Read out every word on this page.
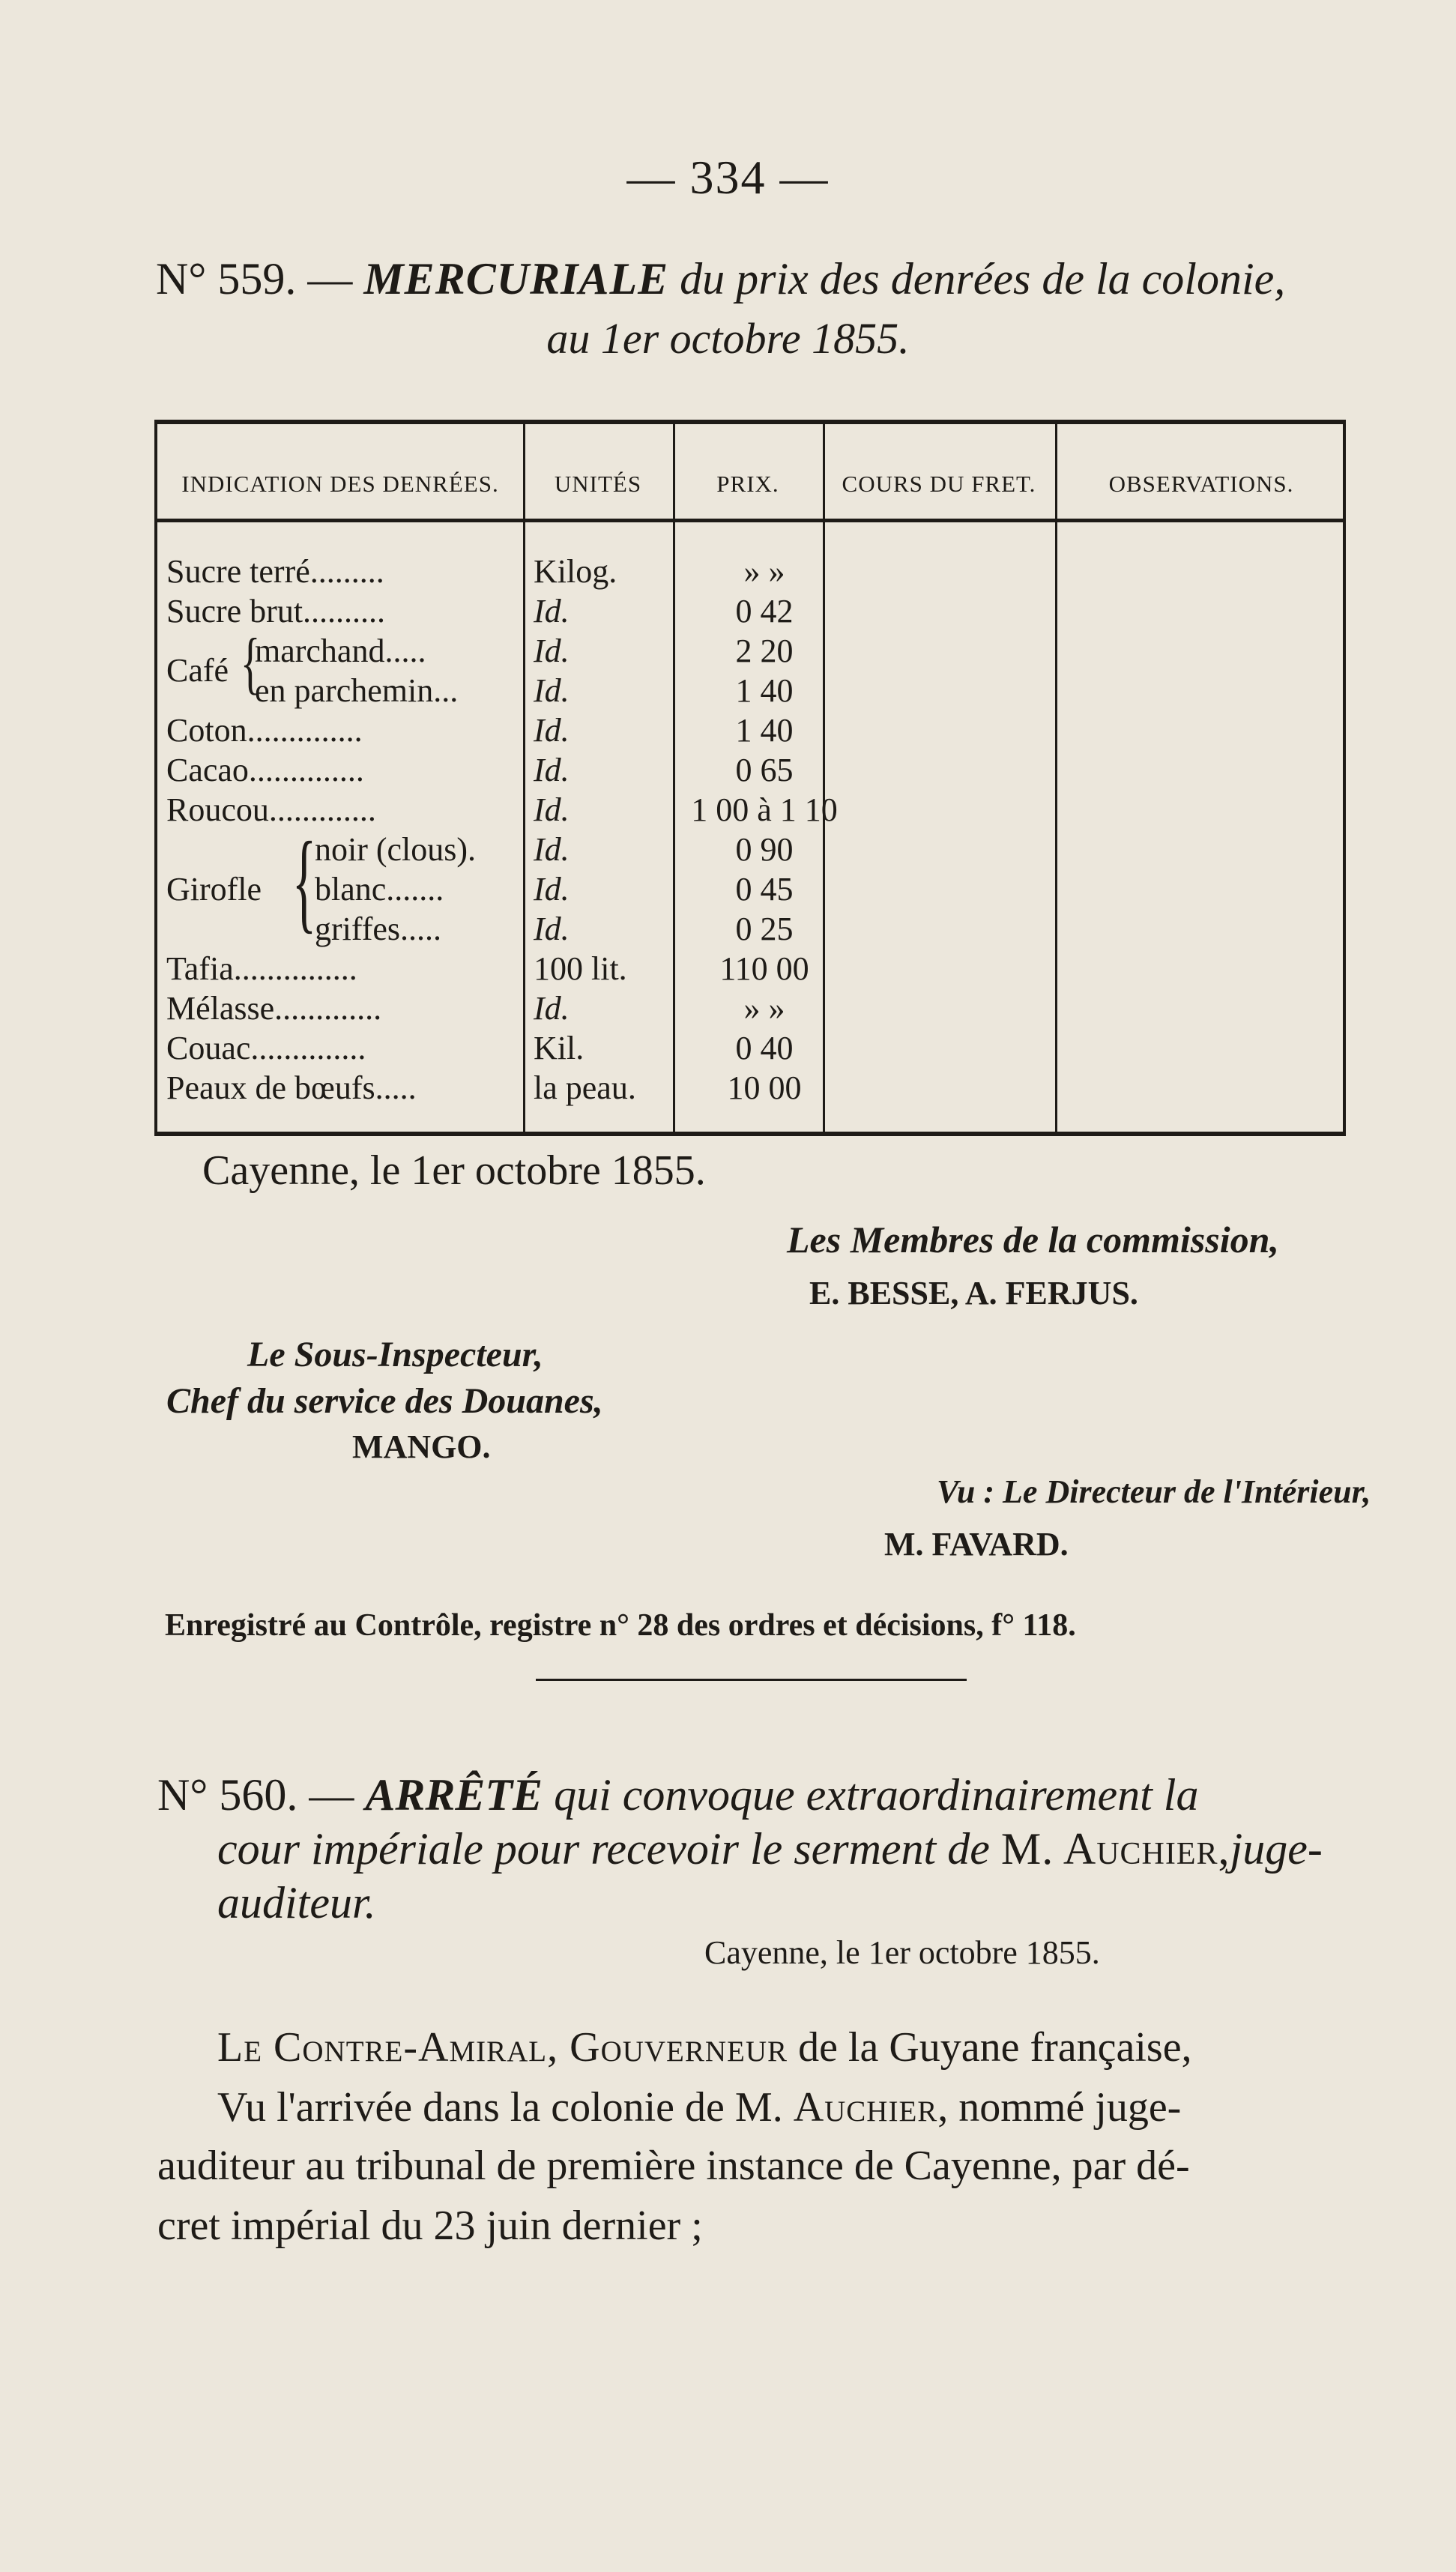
— 334 —
N° 559. — MERCURIALE du prix des denrées de la colonie,
au 1er octobre 1855.
INDICATION DES DENRÉES.	UNITÉS	PRIX.	COURS DU FRET.	OBSERVATIONS.
Sucre terré.........	Kilog.	» »
Sucre brut..........	Id.	0 42
Café {
marchand.....	Id.	2 20
en parchemin... Id.	1 40
Coton..............	Id.	1 40
Cacao..............	Id.	0 65
Roucou.............	Id.	1 00 à 1 10
Girofle {
noir (clous). Id.	0 90
blanc.......	Id.	0 45
griffes.....	Id.	0 25
Tafia...............	100 lit.	110 00
Mélasse.............	Id.	» »
Couac..............	Kil.	0 40
Peaux de bœufs.....	la peau.	10 00
Cayenne, le 1er octobre 1855.
Les Membres de la commission,
E. BESSE, A. FERJUS.
Le Sous-Inspecteur,
Chef du service des Douanes,
MANGO.
Vu : Le Directeur de l'Intérieur,
M. FAVARD.
Enregistré au Contrôle, registre n° 28 des ordres et décisions, f° 118.
N° 560. — ARRÊTÉ qui convoque extraordinairement la
cour impériale pour recevoir le serment de M. Auchier,juge-
auditeur.
Cayenne, le 1er octobre 1855.
Le Contre-Amiral, Gouverneur de la Guyane française,
Vu l'arrivée dans la colonie de M. Auchier, nommé juge-
auditeur au tribunal de première instance de Cayenne, par dé-
cret impérial du 23 juin dernier ;
